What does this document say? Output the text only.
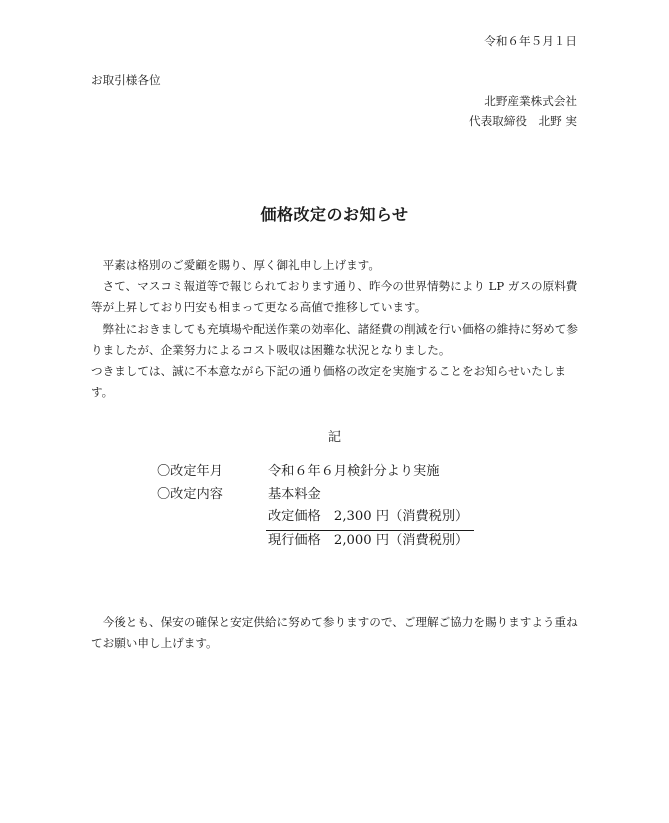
令和６年５月１日
お取引様各位
北野産業株式会社
代表取締役　北野 実
価格改定のお知らせ

平素は格別のご愛顧を賜り、厚く御礼申し上げます。

さて、マスコミ報道等で報じられております通り、昨今の世界情勢により LP ガスの原料費等が上昇しており円安も相まって更なる高値で推移しています。

弊社におきましても充填場や配送作業の効率化、諸経費の削減を行い価格の維持に努めて参りましたが、企業努力によるコスト吸収は困難な状況となりました。

つきましては、誠に不本意ながら下記の通り価格の改定を実施することをお知らせいたします。

記
〇改定年月	令和６年６月検針分より実施
〇改定内容	基本料金
改定価格　2,300 円（消費税別）
現行価格　2,000 円（消費税別）

今後とも、保安の確保と安定供給に努めて参りますので、ご理解ご協力を賜りますよう重ねてお願い申し上げます。
